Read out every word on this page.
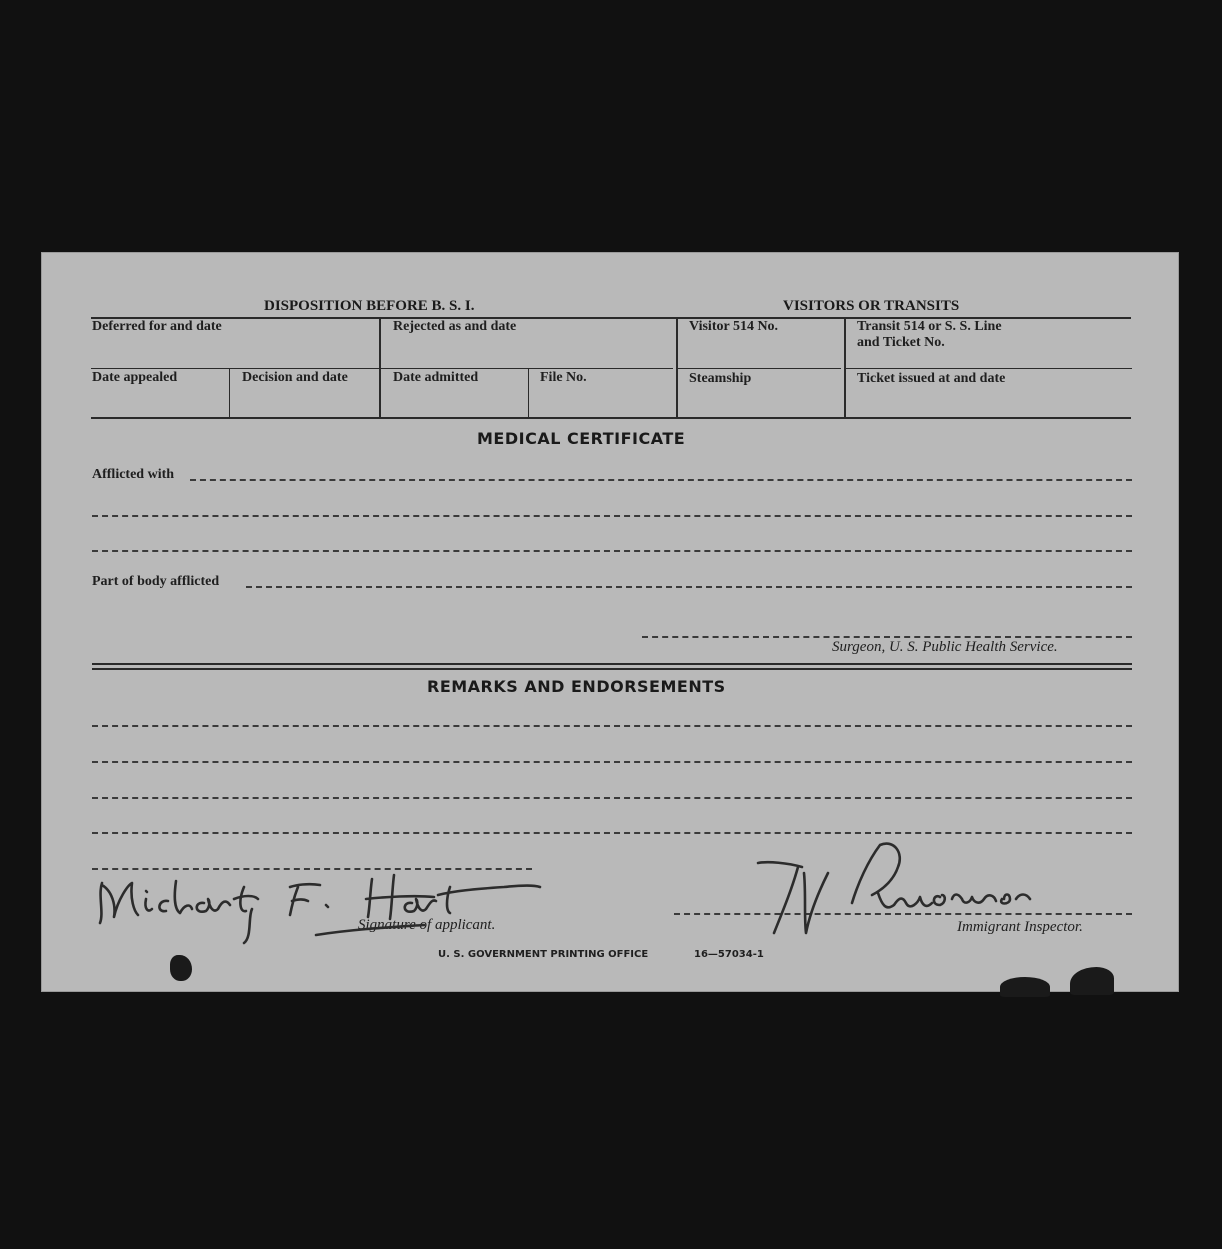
DISPOSITION BEFORE B. S. I.	VISITORS OR TRANSITS
Deferred for and date	Rejected as and date	Visitor 514 No.	Transit 514 or S. S. Line
and Ticket No.
Date appealed	Decision and date	Date admitted	File No.	Steamship	Ticket issued at and date
MEDICAL CERTIFICATE
Afflicted with
Part of body afflicted
Surgeon, U. S. Public Health Service.
REMARKS AND ENDORSEMENTS
Signature of applicant.	Immigrant Inspector.
U. S. GOVERNMENT PRINTING OFFICE	16—57034-1
